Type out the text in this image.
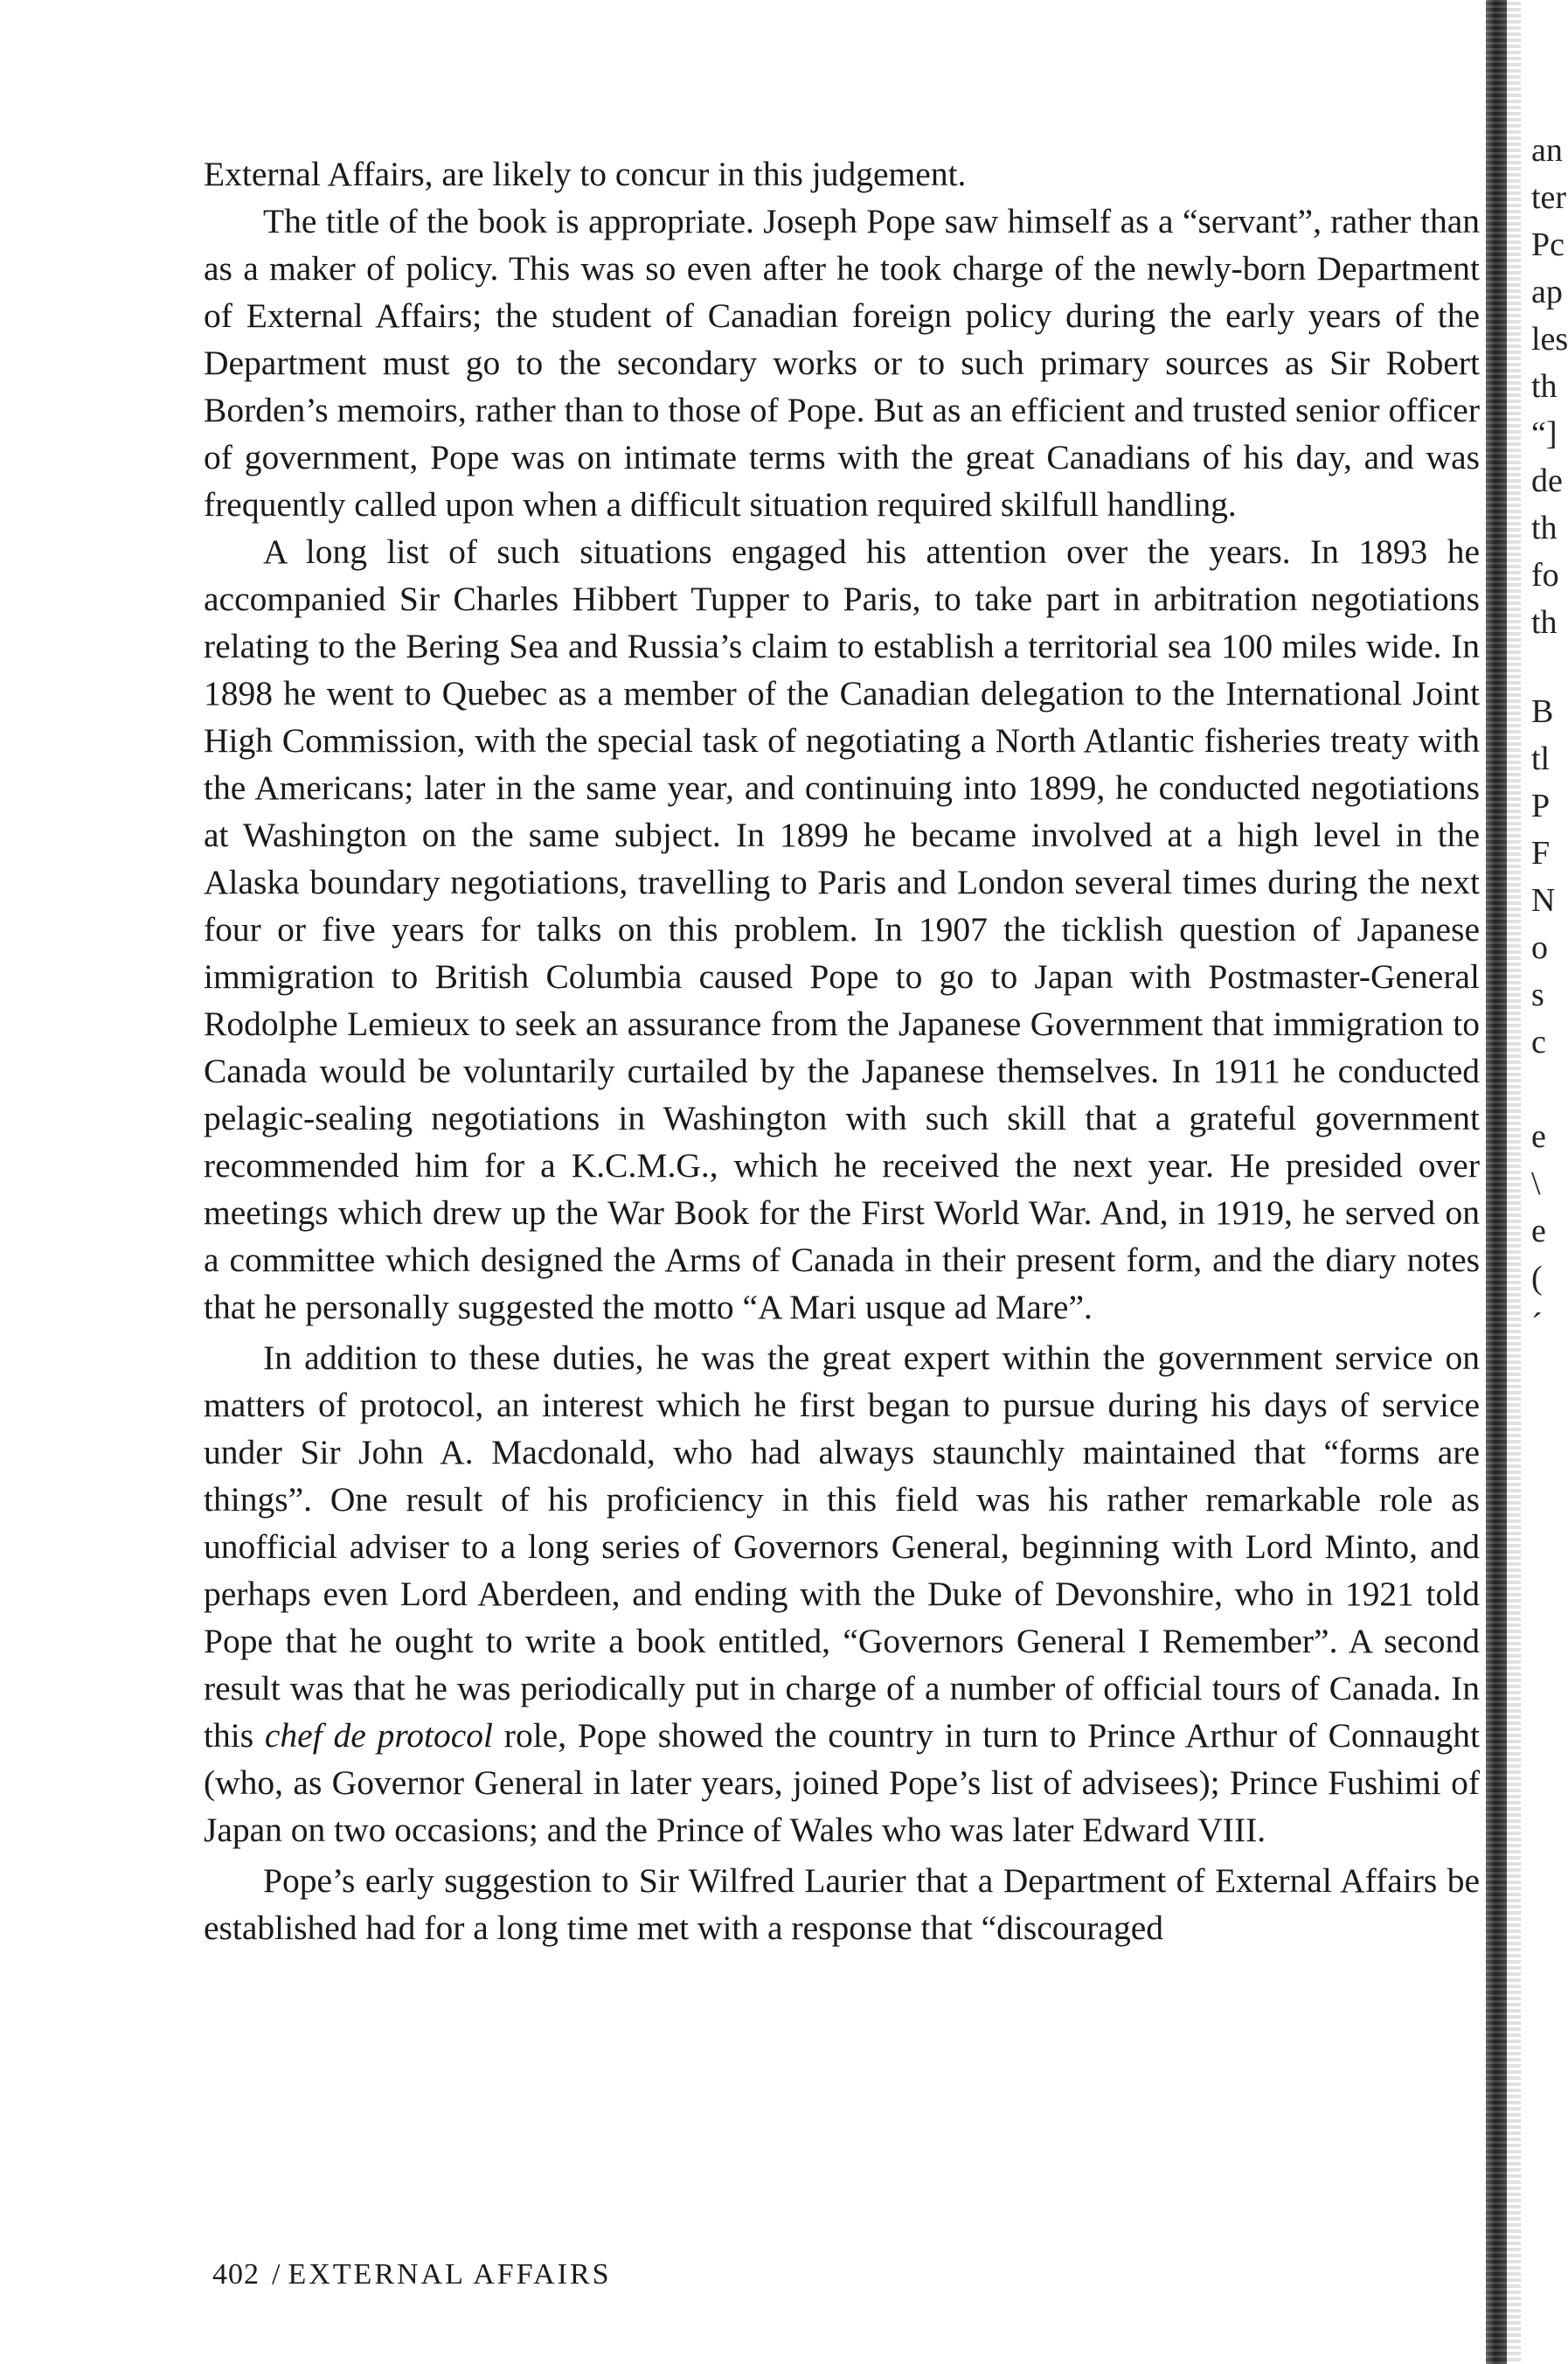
External Affairs, are likely to concur in this judgement.

The title of the book is appropriate. Joseph Pope saw himself as a “servant”, rather than as a maker of policy. This was so even after he took charge of the newly-born Department of External Affairs; the student of Canadian foreign policy during the early years of the Department must go to the secondary works or to such primary sources as Sir Robert Borden’s memoirs, rather than to those of Pope. But as an efficient and trusted senior officer of government, Pope was on intimate terms with the great Canadians of his day, and was frequently called upon when a difficult situation required skilfull handling.

A long list of such situations engaged his attention over the years. In 1893 he accompanied Sir Charles Hibbert Tupper to Paris, to take part in arbitration negotiations relating to the Bering Sea and Russia’s claim to establish a territorial sea 100 miles wide. In 1898 he went to Quebec as a member of the Canadian delegation to the International Joint High Commission, with the special task of negotiating a North Atlantic fisheries treaty with the Americans; later in the same year, and continuing into 1899, he conducted negotiations at Washington on the same subject. In 1899 he became involved at a high level in the Alaska boundary negotiations, travelling to Paris and London several times during the next four or five years for talks on this problem. In 1907 the ticklish question of Japanese immigration to British Columbia caused Pope to go to Japan with Postmaster-General Rodolphe Lemieux to seek an assurance from the Japanese Government that immigration to Canada would be voluntarily curtailed by the Japanese themselves. In 1911 he conducted pelagic-sealing negotiations in Washington with such skill that a grateful government recommended him for a K.C.M.G., which he received the next year. He presided over meetings which drew up the War Book for the First World War. And, in 1919, he served on a committee which designed the Arms of Canada in their present form, and the diary notes that he personally suggested the motto “A Mari usque ad Mare”.

In addition to these duties, he was the great expert within the government service on matters of protocol, an interest which he first began to pursue during his days of service under Sir John A. Macdonald, who had always staunchly maintained that “forms are things”. One result of his proficiency in this field was his rather remarkable role as unofficial adviser to a long series of Governors General, beginning with Lord Minto, and perhaps even Lord Aberdeen, and ending with the Duke of Devonshire, who in 1921 told Pope that he ought to write a book entitled, “Governors General I Remember”. A second result was that he was periodically put in charge of a number of official tours of Canada. In this chef de protocol role, Pope showed the country in turn to Prince Arthur of Connaught (who, as Governor General in later years, joined Pope’s list of advisees); Prince Fushimi of Japan on two occasions; and the Prince of Wales who was later Edward VIII.

Pope’s early suggestion to Sir Wilfred Laurier that a Department of External Affairs be established had for a long time met with a response that “discouraged

402 / EXTERNAL AFFAIRS
an
ter
Pc
ap
les
th
“]
de
th
fo
th
B
tl
P
F
N
o
s
c
e
\
e
(
´
